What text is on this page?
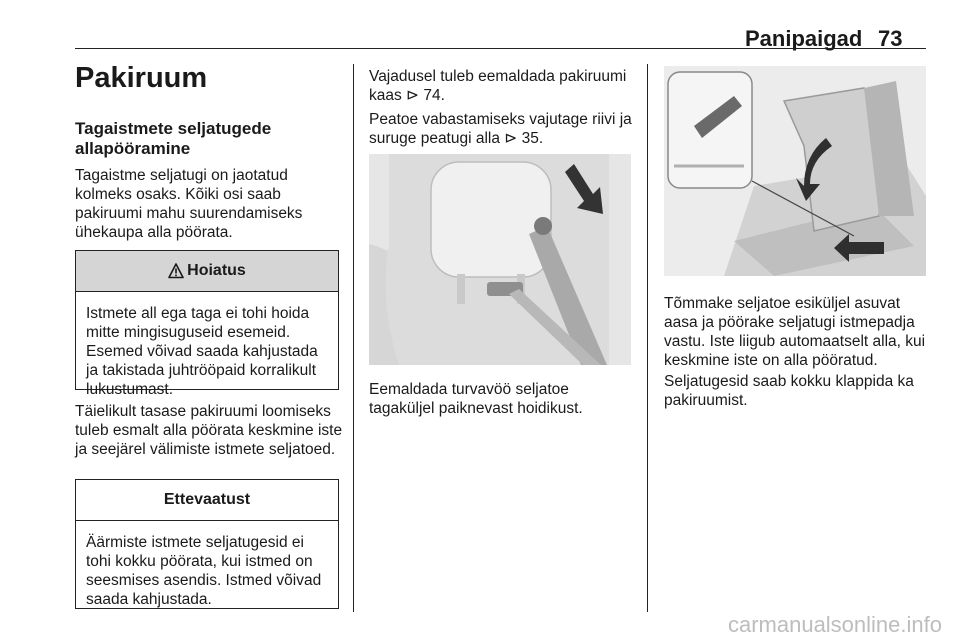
Panipaigad 73
Pakiruum
Tagaistmete seljatugede allapööramine
Tagaistme seljatugi on jaotatud kolmeks osaks. Kõiki osi saab pakiruumi mahu suurendamiseks ühekaupa alla pöörata.
Hoiatus
Istmete all ega taga ei tohi hoida mitte mingisuguseid esemeid. Esemed võivad saada kahjustada ja takistada juhtrööpaid korralikult lukustumast.
Täielikult tasase pakiruumi loomiseks tuleb esmalt alla pöörata keskmine iste ja seejärel välimiste istmete seljatoed.
Ettevaatust
Äärmiste istmete seljatugesid ei tohi kokku pöörata, kui istmed on seesmises asendis. Istmed võivad saada kahjustada.
Vajadusel tuleb eemaldada pakiruumi kaas ⊳ 74.
Peatoe vabastamiseks vajutage riivi ja suruge peatugi alla ⊳ 35.
Eemaldada turvavöö seljatoe tagaküljel paiknevast hoidikust.
Tõmmake seljatoe esiküljel asuvat aasa ja pöörake seljatugi istmepadja vastu. Iste liigub automaatselt alla, kui keskmine iste on alla pööratud.
Seljatugesid saab kokku klappida ka pakiruumist.
carmanualsonline.info
